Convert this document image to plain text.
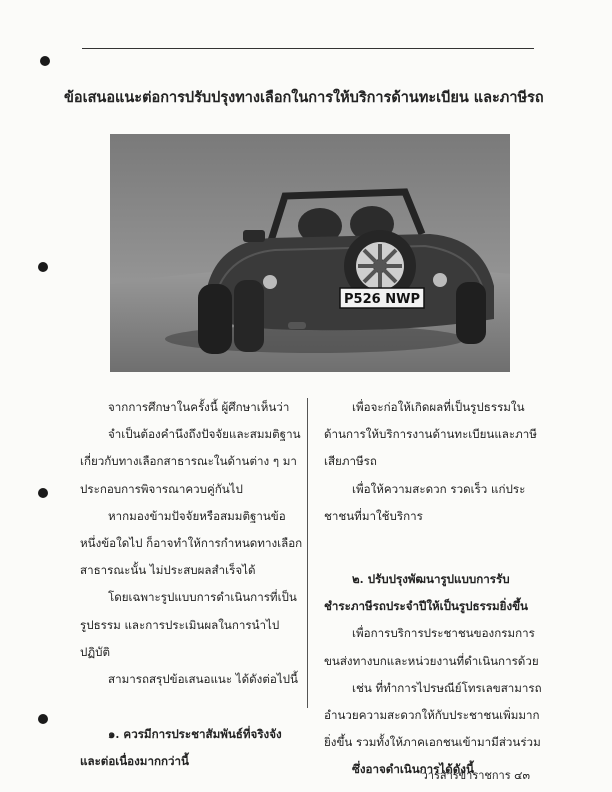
ข้อเสนอแนะต่อการปรับปรุงทางเลือกในการให้บริการด้านทะเบียน และภาษีรถ
P526 NWP

จากการศึกษาในครั้งนี้ ผู้ศึกษาเห็นว่า

จำเป็นต้องคำนึงถึงปัจจัยและสมมติฐาน

เกี่ยวกับทางเลือกสาธารณะในด้านต่าง ๆ มา

ประกอบการพิจารณาควบคู่กันไป

หากมองข้ามปัจจัยหรือสมมติฐานข้อ

หนึ่งข้อใดไป ก็อาจทำให้การกำหนดทางเลือก

สาธารณะนั้น ไม่ประสบผลสำเร็จได้

โดยเฉพาะรูปแบบการดำเนินการที่เป็น

รูปธรรม และการประเมินผลในการนำไป

ปฏิบัติ

สามารถสรุปข้อเสนอแนะ ได้ดังต่อไปนี้

๑. ควรมีการประชาสัมพันธ์ที่จริงจัง

และต่อเนื่องมากกว่านี้

เพื่อจะก่อให้เกิดผลที่เป็นรูปธรรมใน

ด้านการให้บริการงานด้านทะเบียนและภาษี

เสียภาษีรถ

เพื่อให้ความสะดวก รวดเร็ว แก่ประ

ชาชนที่มาใช้บริการ

๒. ปรับปรุงพัฒนารูปแบบการรับ

ชำระภาษีรถประจำปีให้เป็นรูปธรรมยิ่งขึ้น

เพื่อการบริการประชาชนของกรมการ

ขนส่งทางบกและหน่วยงานที่ดำเนินการด้วย

เช่น ที่ทำการไปรษณีย์โทรเลขสามารถ

อำนวยความสะดวกให้กับประชาชนเพิ่มมาก

ยิ่งขึ้น รวมทั้งให้ภาคเอกชนเข้ามามีส่วนร่วม

ซึ่งอาจดำเนินการได้ดังนี้

วารสารข้าราชการ ๔๓
